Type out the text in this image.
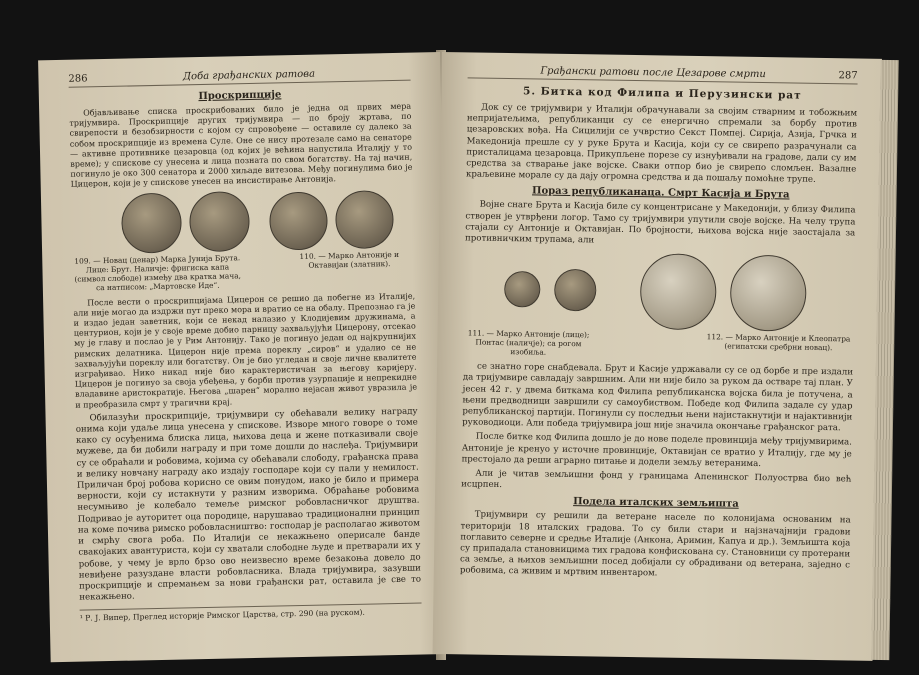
286	Доба грађанских ратова
Проскрипције

Објављивање списка проскрибованих било је једна од првих мера тријумвира. Проскрипције других тријумвира — по броју жртава, по свирепости и безобзирности с којом су спровођене — оставиле су далеко за собом проскрипције из времена Суле. Оне се нису протезале само на сенаторе — активне противнике цезаровца (од којих је већина напустила Италију у то време); у спискове су унесена и лица позната по свом богатству. На тај начин, погинуло је око 300 сенатора и 2000 хиљаде витезова. Међу погинулима био је Цицерон, који је у спискове унесен на инсистирање Антонија.

109. — Новац (денар) Марка Јунија Брута. Лице: Брут. Наличје: фригиска капа (символ слободе) између два кратка мача, са натписом: „Мартовске Иде“.
110. — Марко Антоније и Октавијан (златник).

После вести о проскрипцијама Цицерон се решио да побегне из Италије, али није могао да издржи пут преко мора и вратио се на обалу. Препознао га је и издао један заветник, који се некад налазио у Клодијевим дружинама, а центурион, који је у своје време добио парницу захваљујући Цицерону, отсекао му је главу и послао је у Рим Антонију. Тако је погинуо један од најкрупнијих римских делатника. Цицерон није према пореклу „сиров“ и удалио се не захваљујући пореклу или богатству. Он је био угледан и своје личне квалитете изграђивао. Нико никад није био карактеристичан за његову каријеру. Цицерон је погинуо за своја убеђења, у борби против узурпације и непрекидне владавине аристократије. Његова „шарен“ морално нејасан живот увразила је и преобразила смрт у трагични крај.

Обилазући проскрипције, тријумвири су обећавали велику награду онима који удаље лица унесена у спискове. Изворе много говоре о томе како су осуђенима блиска лица, њихова деца и жене потказивали своје мужеве, да би добили награду и при томе дошли до наслеђа. Тријумвири су се обраћали и робовима, којима су обећавали слободу, грађанска права и велику новчану награду ако издају господаре који су пали у немилост. Приличан број робова корисно се овим понудом, иако је било и примера верности, који су истакнути у разним изворима. Обраћање робовима несумњиво је колебало темеље римског робовласничког друштва. Подривао је ауторитет оца породице, нарушавао традиционални принцип на коме почива римско робовласништво: господар је располагао животом и смрћу свога роба. По Италији се некажњено оперисале банде свакојаких авантуриста, који су хватали слободне људе и претварали их у робове, у чему је врло брзо ово неизвесно време безакоња довело до невиђене разуздане власти робовласника. Влада тријумвира, зазувши проскрипције и спремањем за нови грађански рат, оставила је све то некажњено.

¹ Р. Ј. Випер, Преглед историје Римског Царства, стр. 290 (на руском).
Грађански ратови после Цезарове смрти	287
5. Битка код Филипа и Перузински рат

Док су се тријумвири у Италији обрачунавали за својим стварним и тобожњим непријатељима, републиканци су се енергично спремали за борбу против цезаровских вођа. На Сицилији се учврстио Секст Помпеј. Сирија, Азија, Грчка и Македонија прешле су у руке Брута и Касија, који су се свирепо разрачунали са присталицама цезаровца. Прикупљене порезе су изнуђивали на градове, дали су им средства за стварање јаке војске. Сваки отпор био је свирепо сломљен. Вазалне краљевине морале су да дају огромна средства и да пошаљу помоћне трупе.

Пораз републиканаца. Смрт Касија и Брута

Војне снаге Брута и Касија биле су концентрисане у Македонији, у близу Филипа створен је утврђени логор. Тамо су тријумвири упутили своје војске. На челу трупа стајали су Антоније и Октавијан. По бројности, њихова војска није заостајала за противничким трупама, али

111. — Марко Антоније (лице); Понтас (наличје); са рогом изобиља.
112. — Марко Антоније и Клеопатра (египатски сребрни новац).

се знатно горе снабдевала. Брут и Касије удржавали су се од борбе и пре издали да тријумвире савладају завршним. Али ни није било за руком да остваре тај план. У јесен 42 г. у двема биткама код Филипа републиканска војска била је потучена, а њени предводници завршили су самоубиством. Победе код Филипа задале су удар републиканској партији. Погинули су последњи њени најистакнутији и најактивнији руководиоци. Али победа тријумвира још није значила окончање грађанског рата.

После битке код Филипа дошло је до нове поделе провинција међу тријумвирима. Антоније је кренуо у источне провинције, Октавијан се вратио у Италију, где му је престојало да реши аграрно питање и додели земљу ветеранима.

Али је читав земљишни фонд у границама Апенинског Полуострва био већ исцрпен.

Подела италских земљишта

Тријумвири су решили да ветеране населе по колонијама основаним на територији 18 италских градова. То су били стари и најзначајнији градови поглавито северне и средње Италије (Анкона, Аримин, Капуа и др.). Земљишта која су припадала становницима тих градова конфискована су. Становници су протерани са земље, а њихов земљишни посед добијали су обрадивани од ветерана, заједно с робовима, са живим и мртвим инвентаром.
